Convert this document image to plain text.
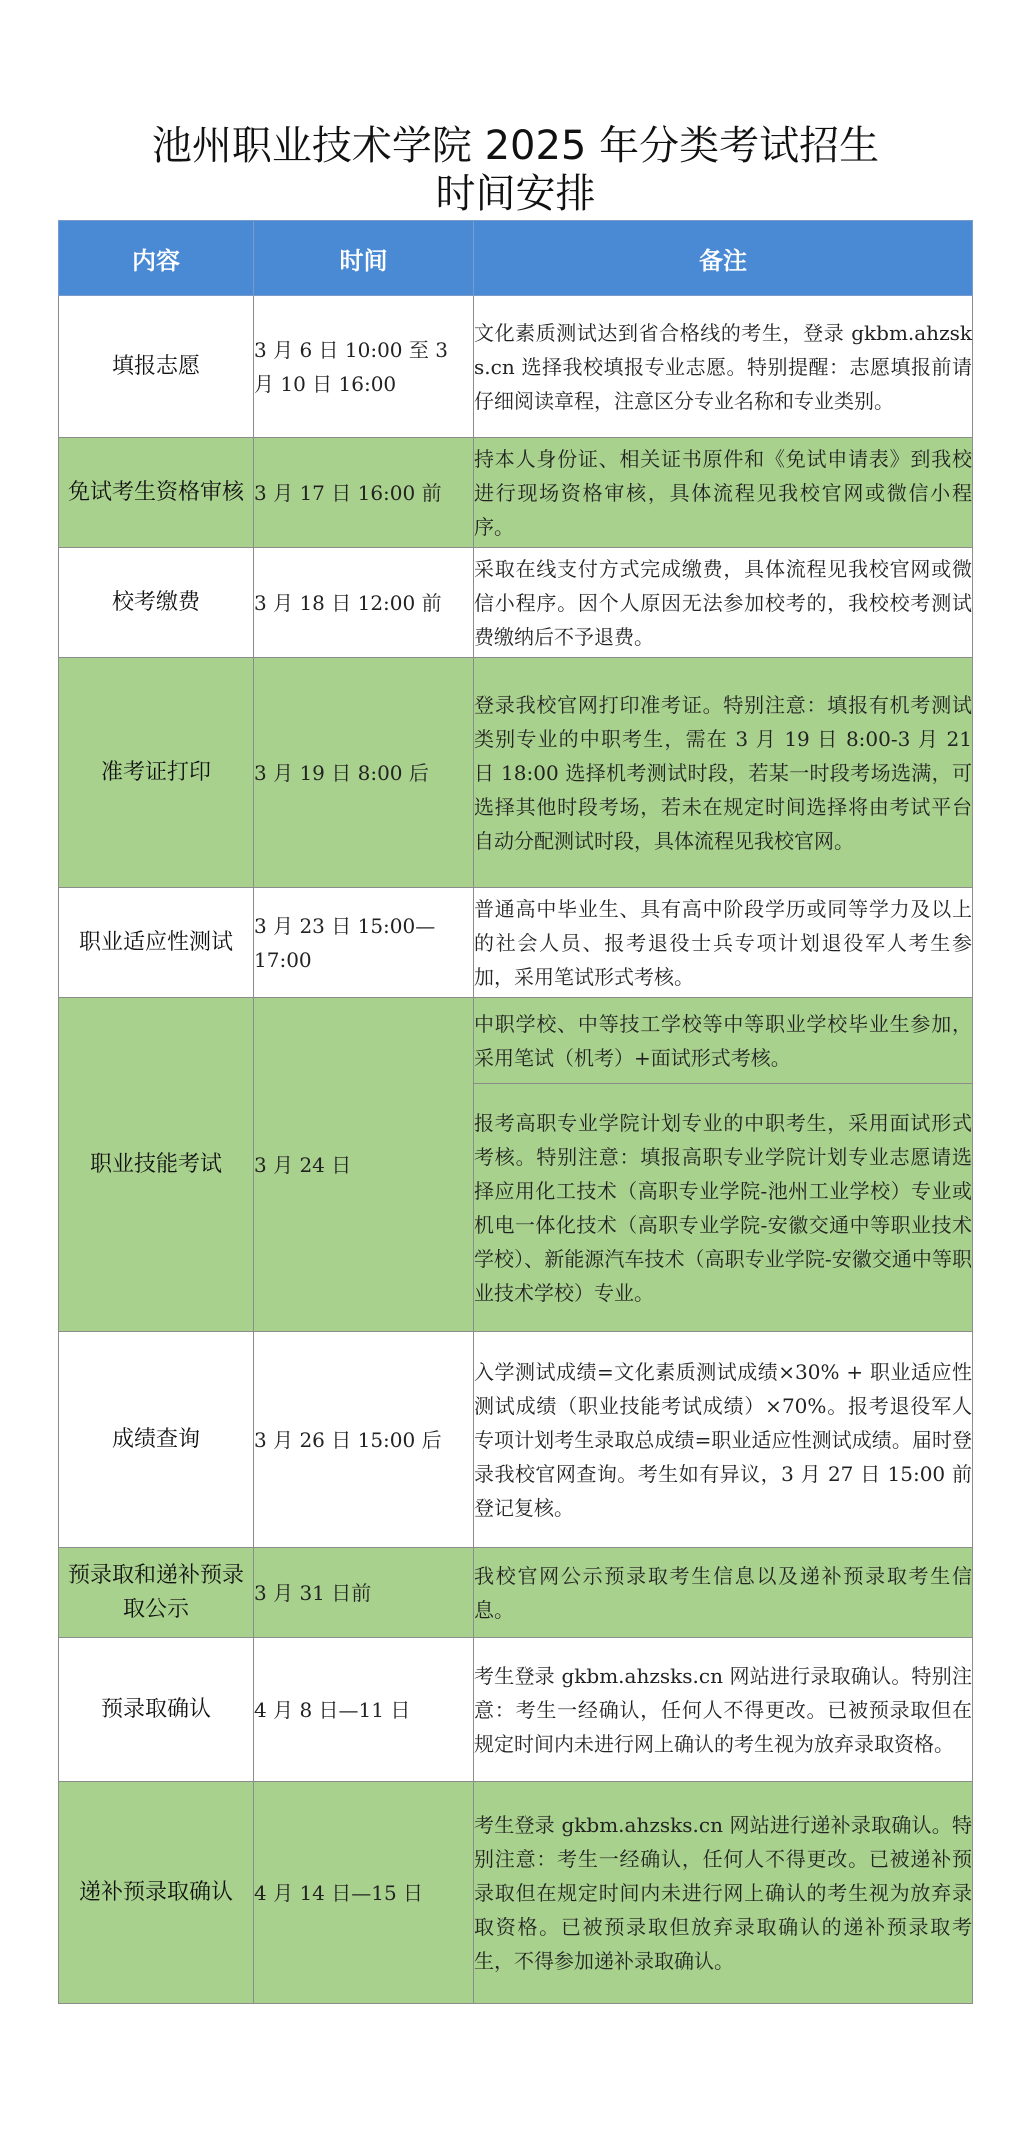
池州职业技术学院 2025 年分类考试招生
时间安排
内容	时间	备注
填报志愿	3 月 6 日 10:00 至 3 月 10 日 16:00	文化素质测试达到省合格线的考生，登录 gkbm.ahzsks.cn 选择我校填报专业志愿。特别提醒：志愿填报前请仔细阅读章程，注意区分专业名称和专业类别。
免试考生资格审核	3 月 17 日 16:00 前	持本人身份证、相关证书原件和《免试申请表》到我校进行现场资格审核，具体流程见我校官网或微信小程序。
校考缴费	3 月 18 日 12:00 前	采取在线支付方式完成缴费，具体流程见我校官网或微信小程序。因个人原因无法参加校考的，我校校考测试费缴纳后不予退费。
准考证打印	3 月 19 日 8:00 后	登录我校官网打印准考证。特别注意：填报有机考测试类别专业的中职考生，需在 3 月 19 日 8:00-3 月 21 日 18:00 选择机考测试时段，若某一时段考场选满，可选择其他时段考场，若未在规定时间选择将由考试平台自动分配测试时段，具体流程见我校官网。
职业适应性测试	3 月 23 日 15:00—17:00	普通高中毕业生、具有高中阶段学历或同等学力及以上的社会人员、报考退役士兵专项计划退役军人考生参加，采用笔试形式考核。
职业技能考试	3 月 24 日	中职学校、中等技工学校等中等职业学校毕业生参加，采用笔试（机考）+面试形式考核。
		报考高职专业学院计划专业的中职考生，采用面试形式考核。特别注意：填报高职专业学院计划专业志愿请选择应用化工技术（高职专业学院-池州工业学校）专业或机电一体化技术（高职专业学院-安徽交通中等职业技术学校）、新能源汽车技术（高职专业学院-安徽交通中等职业技术学校）专业。
成绩查询	3 月 26 日 15:00 后	入学测试成绩=文化素质测试成绩×30% + 职业适应性测试成绩（职业技能考试成绩）×70%。报考退役军人专项计划考生录取总成绩=职业适应性测试成绩。届时登录我校官网查询。考生如有异议，3 月 27 日 15:00 前登记复核。
预录取和递补预录取公示	3 月 31 日前	我校官网公示预录取考生信息以及递补预录取考生信息。
预录取确认	4 月 8 日—11 日	考生登录 gkbm.ahzsks.cn 网站进行录取确认。特别注意：考生一经确认，任何人不得更改。已被预录取但在规定时间内未进行网上确认的考生视为放弃录取资格。
递补预录取确认	4 月 14 日—15 日	考生登录 gkbm.ahzsks.cn 网站进行递补录取确认。特别注意：考生一经确认，任何人不得更改。已被递补预录取但在规定时间内未进行网上确认的考生视为放弃录取资格。已被预录取但放弃录取确认的递补预录取考生，不得参加递补录取确认。
